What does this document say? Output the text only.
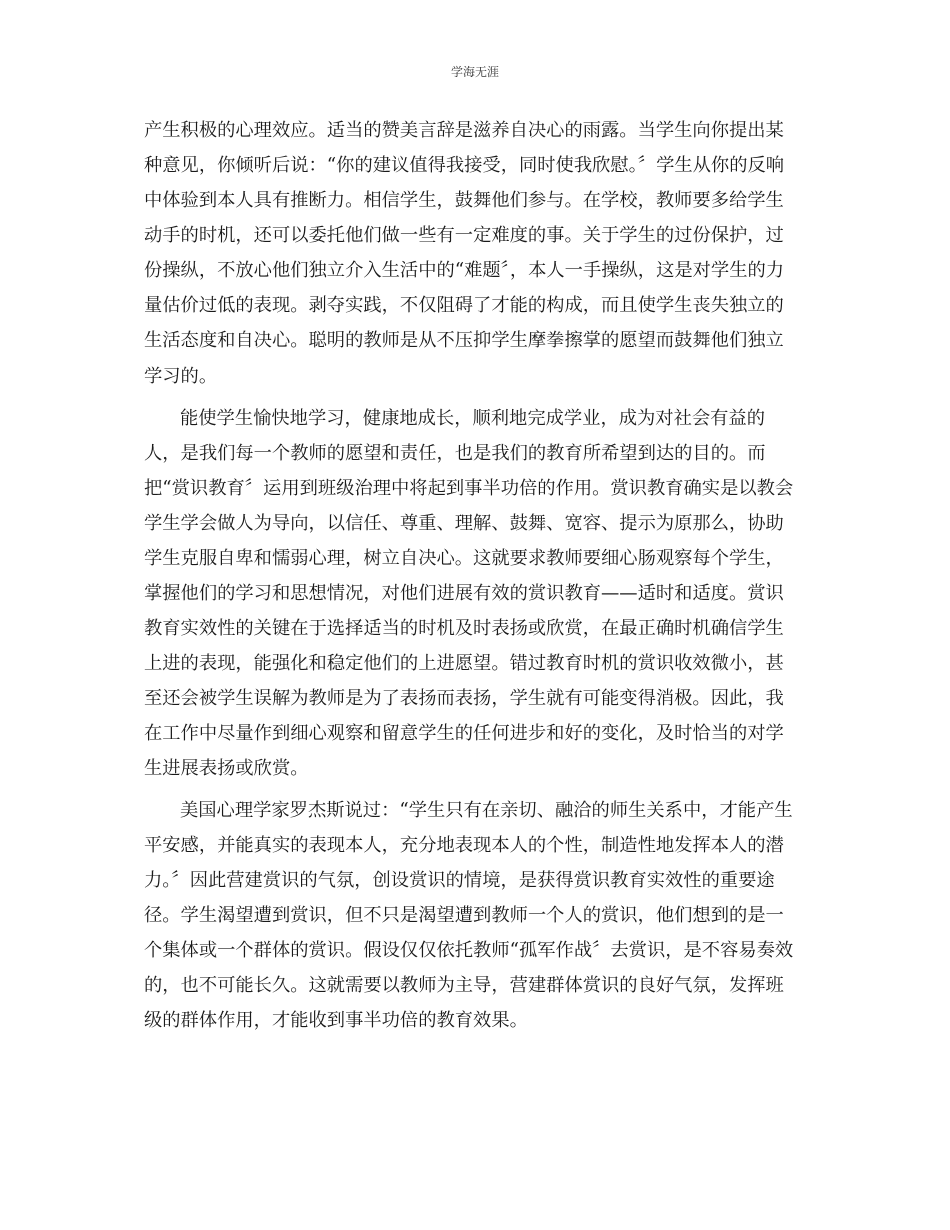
学海无涯
产生积极的心理效应。适当的赞美言辞是滋养自决心的雨露。当学生向你提出某
种意见，你倾听后说：“你的建议值得我接受，同时使我欣慰。〞学生从你的反响
中体验到本人具有推断力。相信学生，鼓舞他们参与。在学校，教师要多给学生
动手的时机，还可以委托他们做一些有一定难度的事。关于学生的过份保护，过
份操纵，不放心他们独立介入生活中的“难题〞，本人一手操纵，这是对学生的力
量估价过低的表现。剥夺实践，不仅阻碍了才能的构成，而且使学生丧失独立的
生活态度和自决心。聪明的教师是从不压抑学生摩拳擦掌的愿望而鼓舞他们独立
学习的。
能使学生愉快地学习，健康地成长，顺利地完成学业，成为对社会有益的
人，是我们每一个教师的愿望和责任，也是我们的教育所希望到达的目的。而
把“赏识教育〞运用到班级治理中将起到事半功倍的作用。赏识教育确实是以教会
学生学会做人为导向，以信任、尊重、理解、鼓舞、宽容、提示为原那么，协助
学生克服自卑和懦弱心理，树立自决心。这就要求教师要细心肠观察每个学生，
掌握他们的学习和思想情况，对他们进展有效的赏识教育——适时和适度。赏识
教育实效性的关键在于选择适当的时机及时表扬或欣赏，在最正确时机确信学生
上进的表现，能强化和稳定他们的上进愿望。错过教育时机的赏识收效微小，甚
至还会被学生误解为教师是为了表扬而表扬，学生就有可能变得消极。因此，我
在工作中尽量作到细心观察和留意学生的任何进步和好的变化，及时恰当的对学
生进展表扬或欣赏。
美国心理学家罗杰斯说过：“学生只有在亲切、融洽的师生关系中，才能产生
平安感，并能真实的表现本人，充分地表现本人的个性，制造性地发挥本人的潜
力。〞因此营建赏识的气氛，创设赏识的情境，是获得赏识教育实效性的重要途
径。学生渴望遭到赏识，但不只是渴望遭到教师一个人的赏识，他们想到的是一
个集体或一个群体的赏识。假设仅仅依托教师“孤军作战〞去赏识，是不容易奏效
的，也不可能长久。这就需要以教师为主导，营建群体赏识的良好气氛，发挥班
级的群体作用，才能收到事半功倍的教育效果。
